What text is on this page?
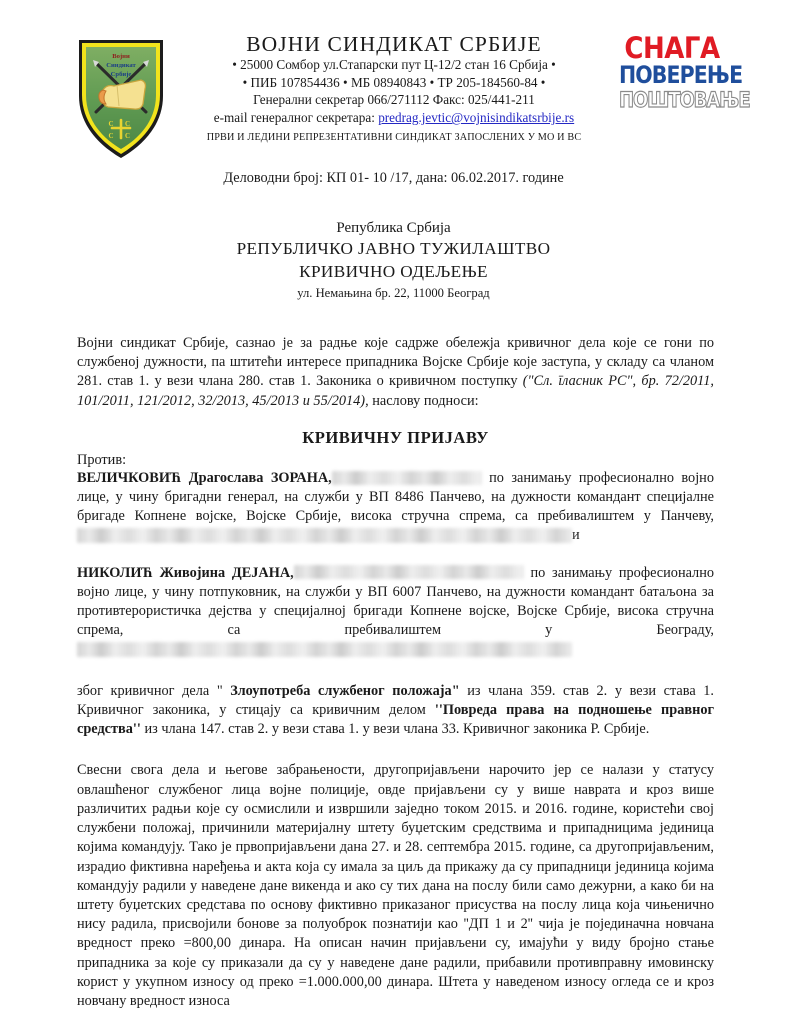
С С
С С
Војни
Синдикат
Србије
ВОЈНИ СИНДИКАТ СРБИЈЕ
• 25000 Сомбор ул.Стапарски пут Ц-12/2 стан 16 Србија •
• ПИБ 107854436 • МБ 08940843 • ТР 205-184560-84 •
Генерални секретар 066/271112 Факс: 025/441-211
e-mail генералног секретара: predrag.jevtic@vojnisindikatsrbije.rs
ПРВИ И ЛЕДИНИ РЕПРЕЗЕНТАТИВНИ СИНДИКАТ ЗАПОСЛЕНИХ У МО И ВС
СНАГА
ПОВЕРЕЊЕ
ПОШТОВАЊЕ
Деловодни број: КП 01- 10 /17, дана: 06.02.2017. године
Република Србија
РЕПУБЛИЧКО ЈАВНО ТУЖИЛАШТВО
КРИВИЧНО ОДЕЉЕЊЕ
ул. Немањина бр. 22, 11000 Београд

Војни синдикат Србије, сазнао је за радње које садрже обележја кривичног дела које се гони по службеној дужности, па штитећи интересе припадника Војске Србије које заступа, у складу са чланом 281. став 1. у вези члана 280. став 1. Законика о кривичном поступку ("Сл. гласник РС", бр. 72/2011, 101/2011, 121/2012, 32/2013, 45/2013 и 55/2014), наслову подноси:

КРИВИЧНУ ПРИЈАВУ
Против:

ВЕЛИЧКОВИЋ Драгослава ЗОРАНА,	по занимању професионално војно лице, у чину бригадни генерал, на служби у ВП 8486 Панчево, на дужности командант специјалне бригаде Копнене војске, Војске Србије, висока стручна спрема, са пребивалиштем у Панчеву,и

НИКОЛИЋ Живојина ДЕЈАНА,	по занимању професионално војно лице, у чину потпуковник, на служби у ВП 6007 Панчево, на дужности командант батаљона за противтерористичка дејства у специјалној бригади Копнене војске, Војске Србије, висока стручна спрема, са пребивалиштем у Београду,

због кривичног дела " Злоупотреба службеног положаја" из члана 359. став 2. у вези става 1. Кривичног законика, у стицају са кривичним делом ''Повреда права на подношење правног средства'' из члана 147. став 2. у вези става 1. у вези члана 33. Кривичног законика Р. Србије.

Свесни свога дела и његове забрањености, другопријављени нарочито јер се налази у статусу овлашћеног службеног лица војне полиције, овде пријављени су у више наврата и кроз више различитих радњи које су осмислили и извршили заједно током 2015. и 2016. године, користећи свој службени положај, причинили материјалну штету буџетским средствима и припадницима јединица којима командују. Тако је првопријављени дана 27. и 28. септембра 2015. године, са другопријављеним, израдио фиктивна наређења и акта која су имала за циљ да прикажу да су припадници јединица којима командују радили у наведене дане викенда и ако су тих дана на послу били само дежурни, а како би на штету буџетских средстава по основу фиктивно приказаног присуства на послу лица која чињенично нису радила, присвојили бонове за полуоброк познатији као ''ДП 1 и 2'' чија је појединачна новчана вредност преко =800,00 динара. На описан начин пријављени су, имајући у виду бројно стање припадника за које су приказали да су у наведене дане радили, прибавили противправну имовинску корист у укупном износу од преко =1.000.000,00 динара. Штета у наведеном износу огледа се и кроз новчану вредност износа
